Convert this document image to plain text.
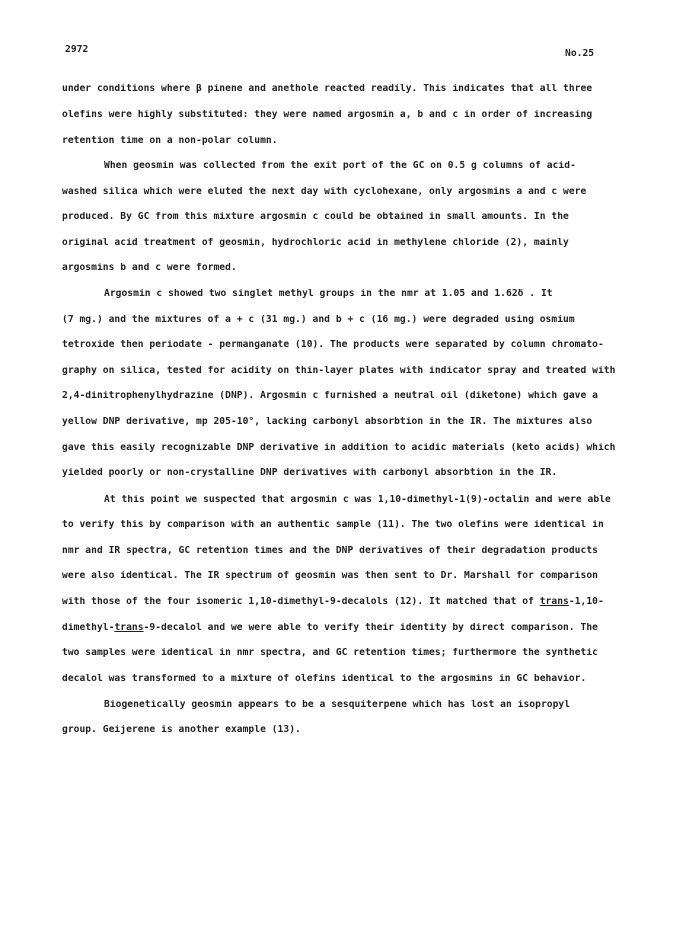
2972	No.25
under conditions where β pinene and anethole reacted readily. This indicates that all three
olefins were highly substituted: they were named argosmin a, b and c in order of increasing
retention time on a non-polar column.
When geosmin was collected from the exit port of the GC on 0.5 g columns of acid-
washed silica which were eluted the next day with cyclohexane, only argosmins a and c were
produced. By GC from this mixture argosmin c could be obtained in small amounts. In the
original acid treatment of geosmin, hydrochloric acid in methylene chloride (2), mainly
argosmins b and c were formed.
Argosmin c showed two singlet methyl groups in the nmr at 1.05 and 1.62δ . It
(7 mg.) and the mixtures of a + c (31 mg.) and b + c (16 mg.) were degraded using osmium
tetroxide then periodate - permanganate (10). The products were separated by column chromato-
graphy on silica, tested for acidity on thin-layer plates with indicator spray and treated with
2,4-dinitrophenylhydrazine (DNP). Argosmin c furnished a neutral oil (diketone) which gave a
yellow DNP derivative, mp 205-10°, lacking carbonyl absorbtion in the IR. The mixtures also
gave this easily recognizable DNP derivative in addition to acidic materials (keto acids) which
yielded poorly or non-crystalline DNP derivatives with carbonyl absorbtion in the IR.
At this point we suspected that argosmin c was 1,10-dimethyl-1(9)-octalin and were able
to verify this by comparison with an authentic sample (11). The two olefins were identical in
nmr and IR spectra, GC retention times and the DNP derivatives of their degradation products
were also identical. The IR spectrum of geosmin was then sent to Dr. Marshall for comparison
with those of the four isomeric 1,10-dimethyl-9-decalols (12). It matched that of trans-1,10-
dimethyl-trans-9-decalol and we were able to verify their identity by direct comparison. The
two samples were identical in nmr spectra, and GC retention times; furthermore the synthetic
decalol was transformed to a mixture of olefins identical to the argosmins in GC behavior.
Biogenetically geosmin appears to be a sesquiterpene which has lost an isopropyl
group. Geijerene is another example (13).
